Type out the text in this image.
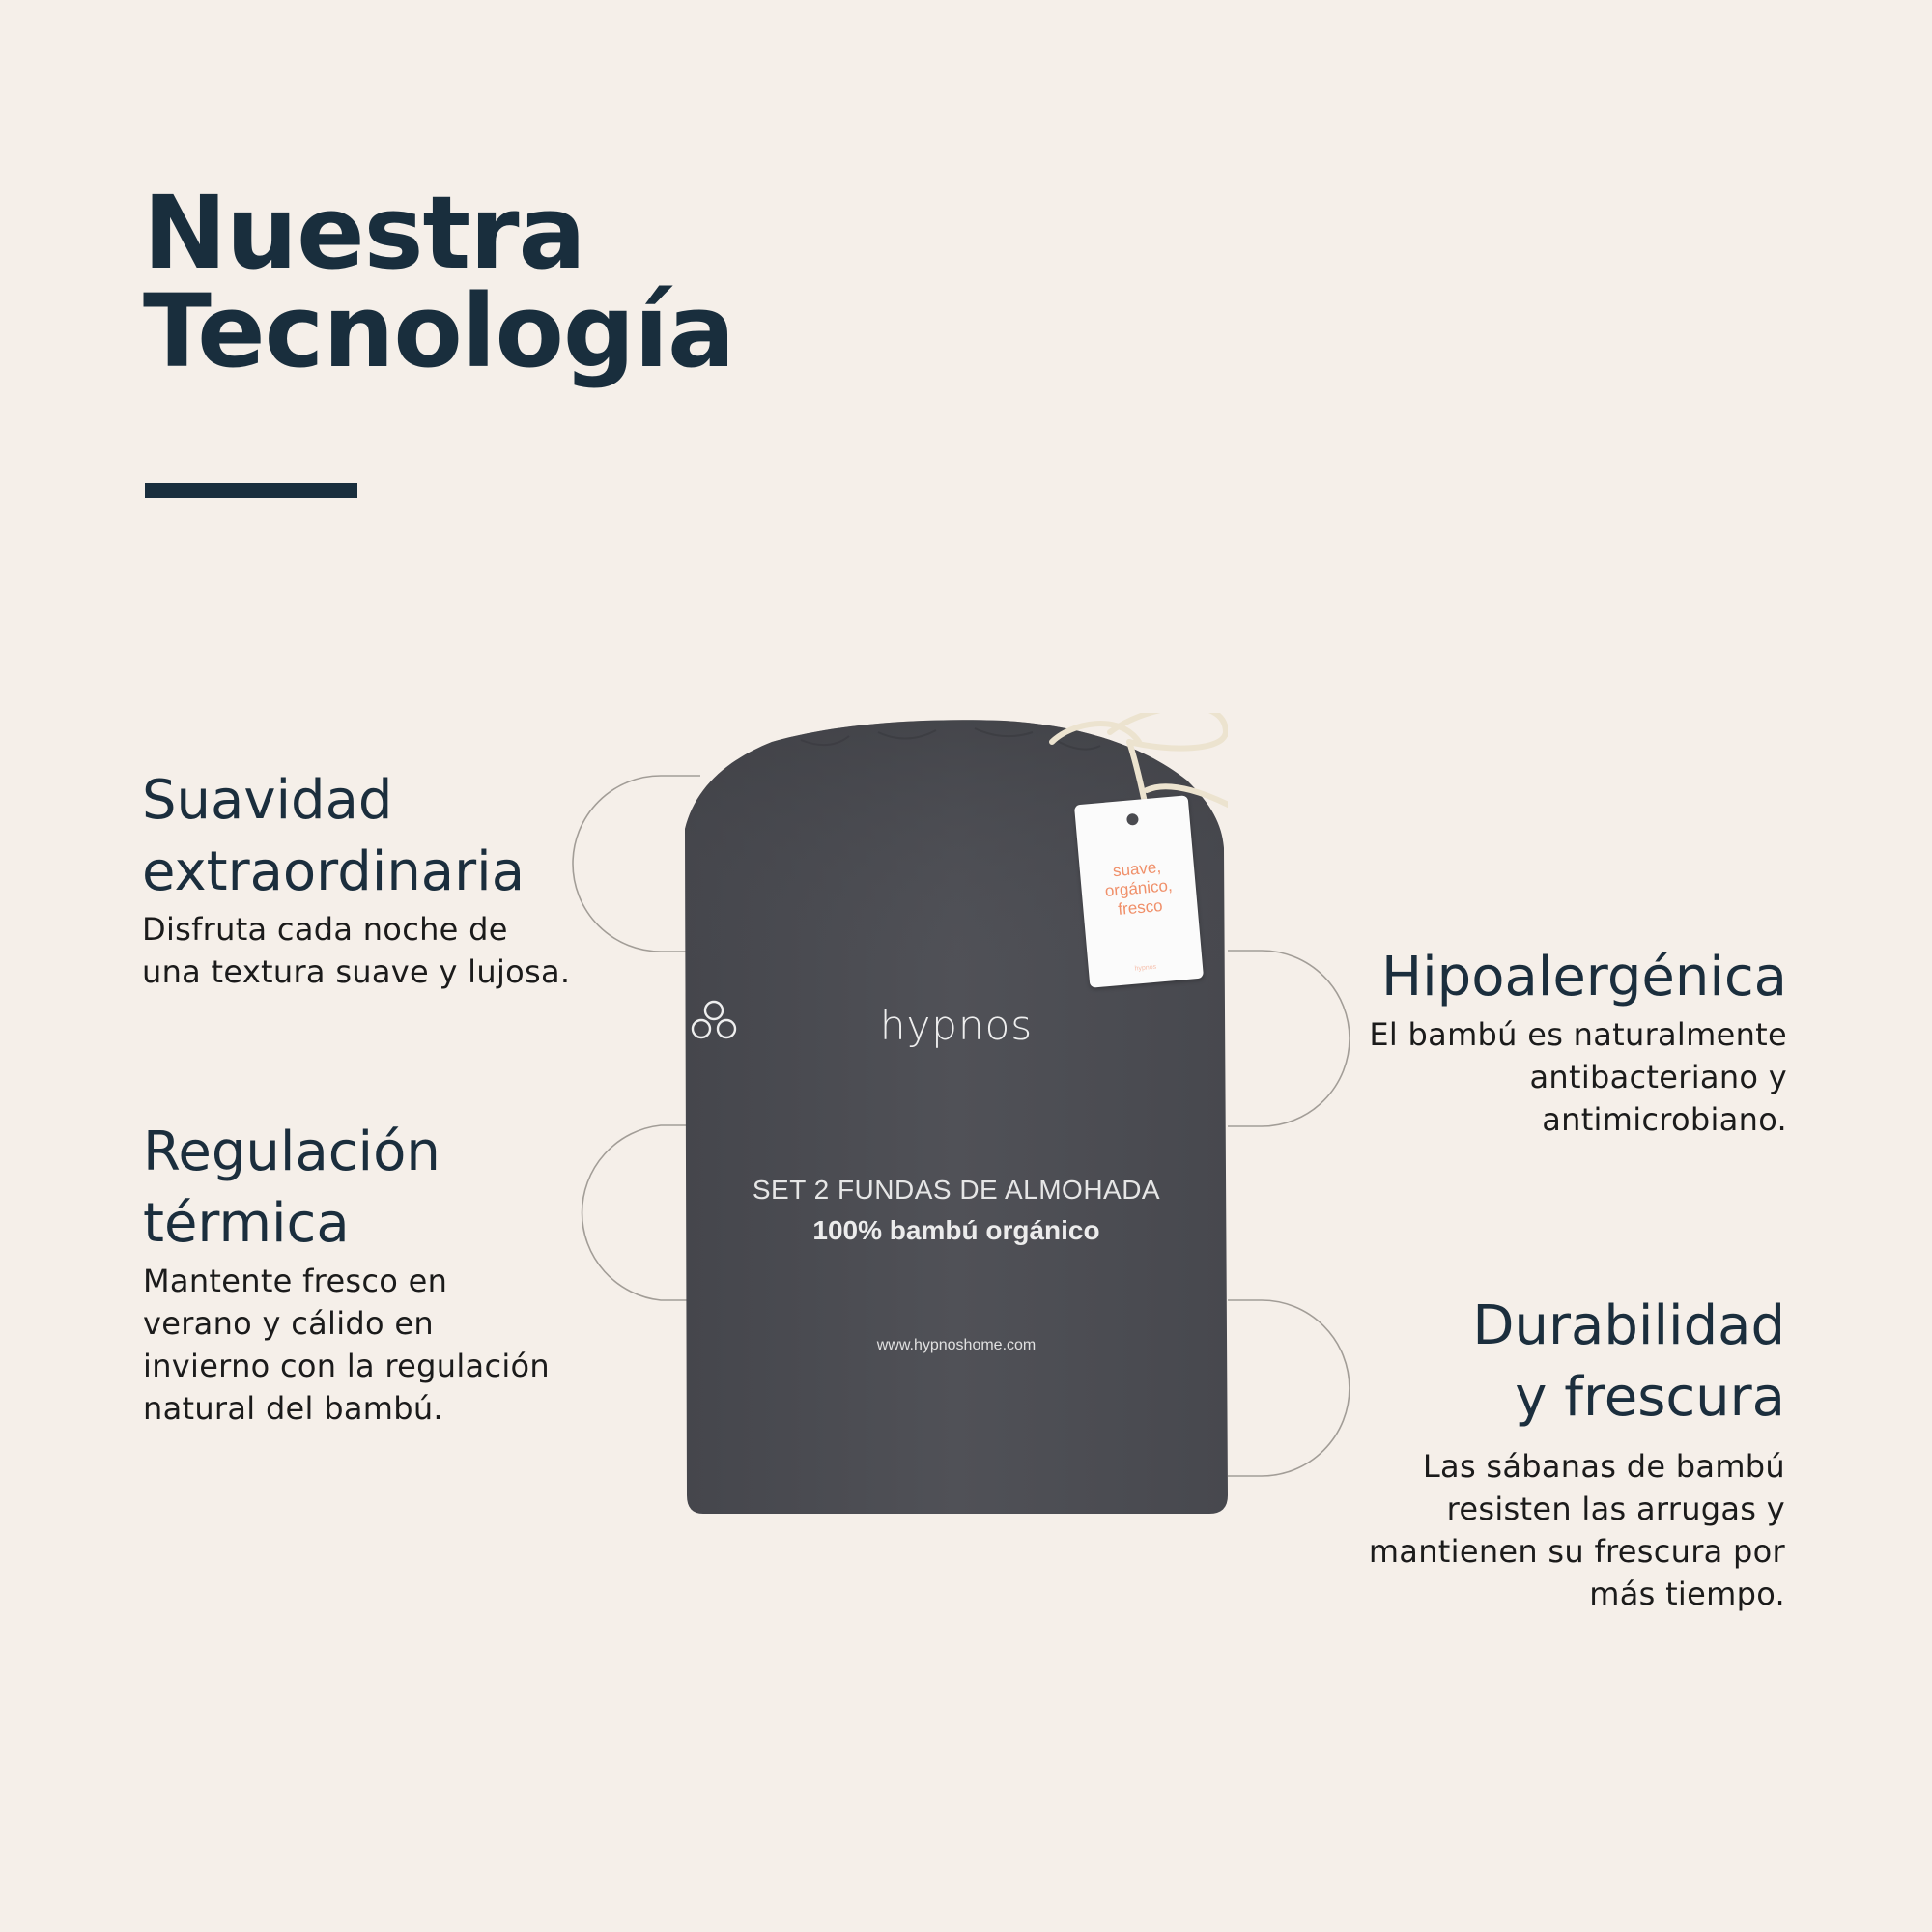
Nuestra
Tecnología
Suavidad
extraordinaria

Disfruta cada noche de
una textura suave y lujosa.

Regulación
térmica

Mantente fresco en
verano y cálido en
invierno con la regulación
natural del bambú.

Hipoalergénica

El bambú es naturalmente
antibacteriano y
antimicrobiano.

Durabilidad
y frescura

Las sábanas de bambú
resisten las arrugas y
mantienen su frescura por
más tiempo.

hypnos
SET 2 FUNDAS DE ALMOHADA
100% bambú orgánico
www.hypnoshome.com
suave,
orgánico,
fresco
hypnos
